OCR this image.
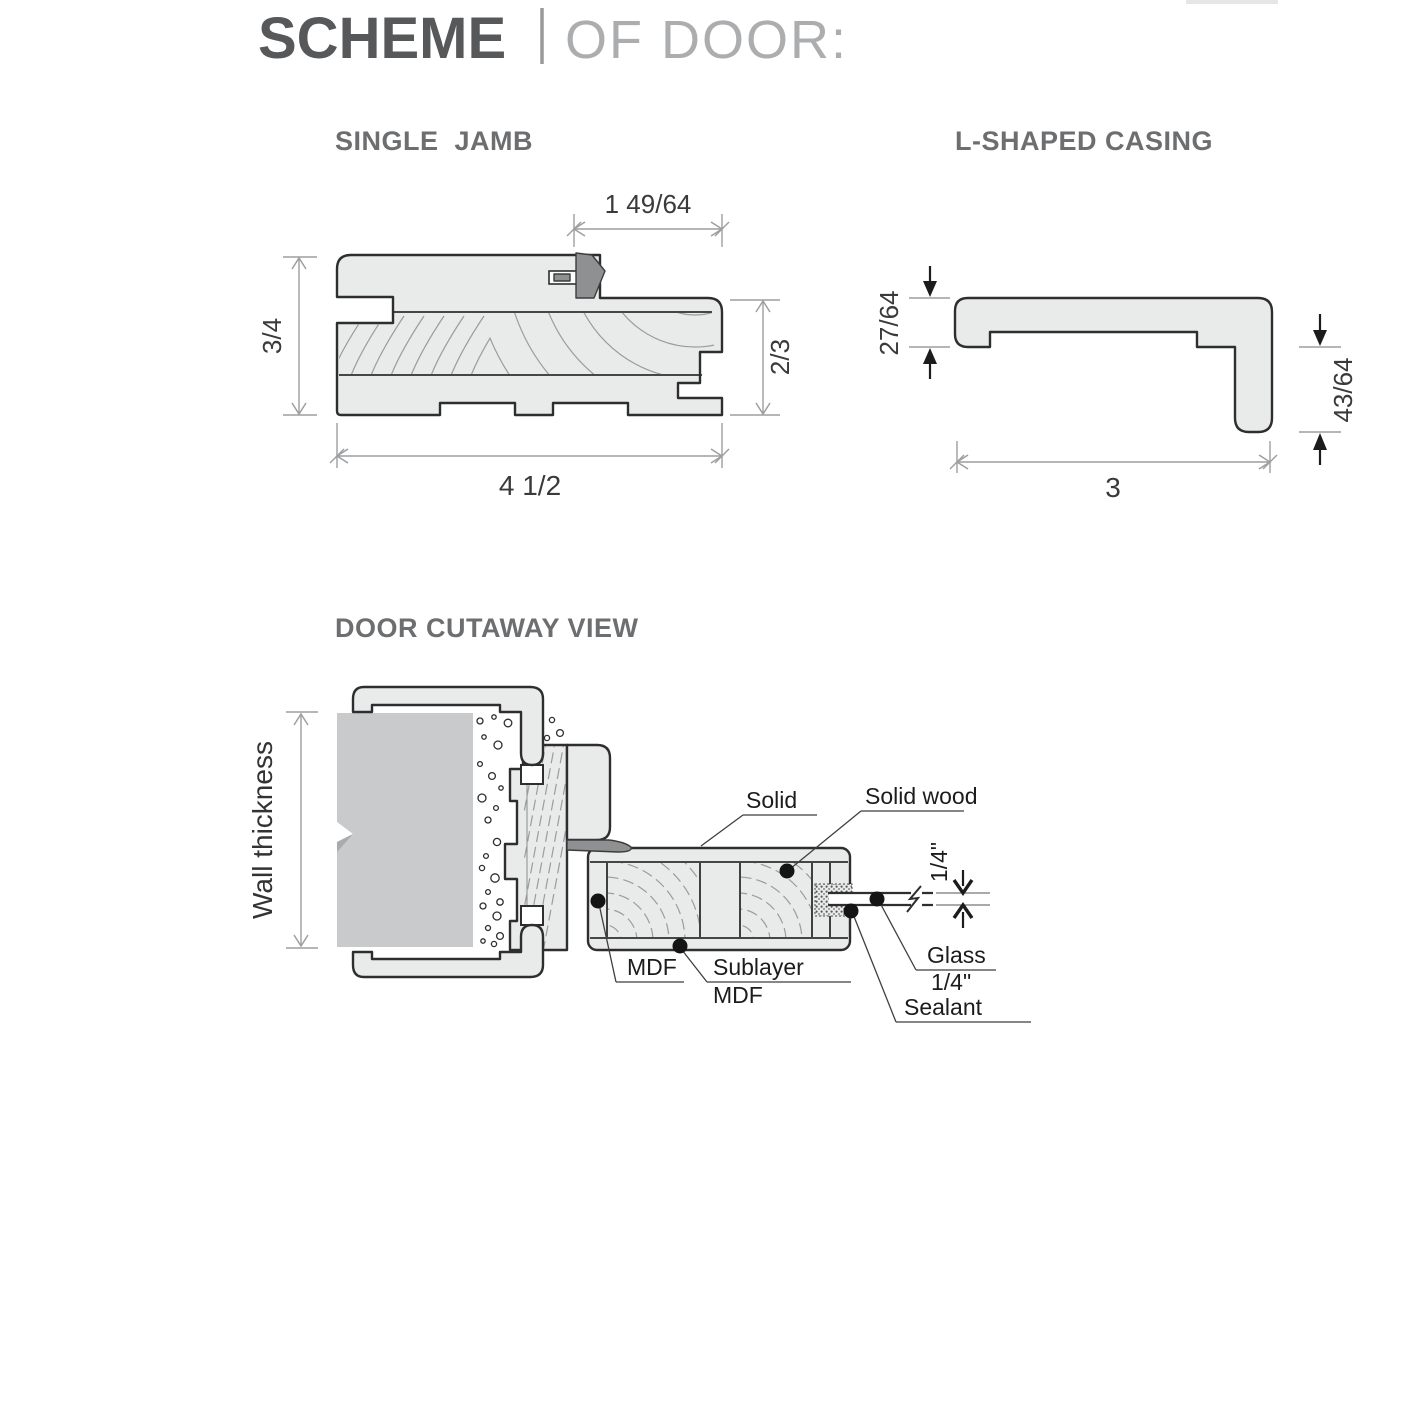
SCHEME OF DOOR:
SINGLE  JAMB
1 49/64
3/4
2/3
4 1/2
L-SHAPED CASING
27/64
43/64
3
DOOR CUTAWAY VIEW
1/4"
Wall thickness	Solid	Solid wood
MDF Sublayer
MDF
Glass
1/4"
Sealant
